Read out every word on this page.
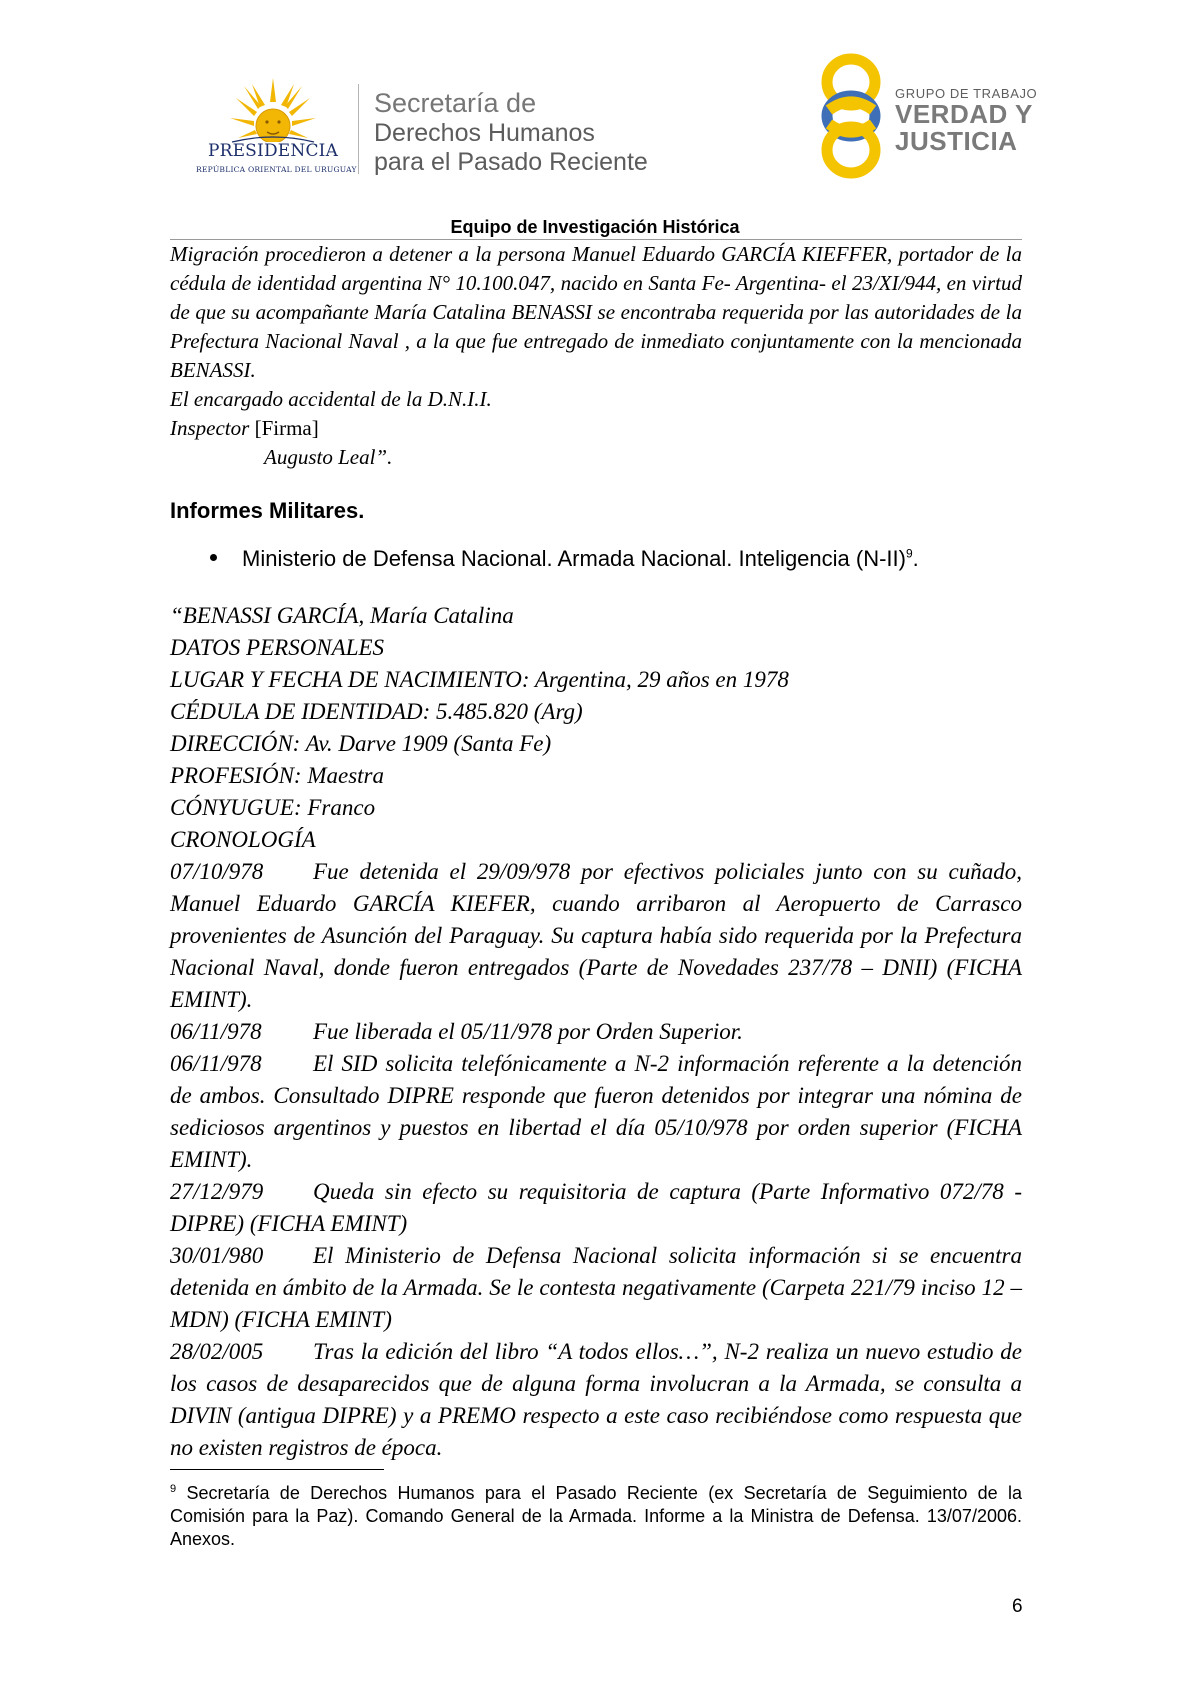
PRESIDENCIA
REPÚBLICA ORIENTAL DEL URUGUAY
Secretaría de
Derechos Humanos
para el Pasado Reciente
GRUPO DE TRABAJO
VERDAD Y
JUSTICIA
Equipo de Investigación Histórica
Migración procedieron a detener a la persona Manuel Eduardo GARCÍA KIEFFER, portador de la cédula de identidad argentina N° 10.100.047, nacido en Santa Fe- Argentina- el 23/XI/944, en virtud de que su acompañante María Catalina BENASSI se encontraba requerida por las autoridades de la Prefectura Nacional Naval , a la que fue entregado de inmediato conjuntamente con la mencionada BENASSI.
El encargado accidental de la D.N.I.I.
Inspector [Firma]
Augusto Leal”.
Informes Militares.
Ministerio de Defensa Nacional. Armada Nacional. Inteligencia $(N-II)^9$.
“BENASSI GARCÍA, María Catalina
DATOS PERSONALES
LUGAR Y FECHA DE NACIMIENTO: Argentina, 29 años en 1978
CÉDULA DE IDENTIDAD: 5.485.820 (Arg)
DIRECCIÓN: Av. Darve 1909 (Santa Fe)
PROFESIÓN: Maestra
CÓNYUGUE: Franco
CRONOLOGÍA
07/10/978 Fue detenida el 29/09/978 por efectivos policiales junto con su cuñado, Manuel Eduardo GARCÍA KIEFER, cuando arribaron al Aeropuerto de Carrasco provenientes de Asunción del Paraguay. Su captura había sido requerida por la Prefectura Nacional Naval, donde fueron entregados (Parte de Novedades 237/78 – DNII) (FICHA EMINT).
06/11/978 Fue liberada el 05/11/978 por Orden Superior.
06/11/978 El SID solicita telefónicamente a N-2 información referente a la detención de ambos. Consultado DIPRE responde que fueron detenidos por integrar una nómina de sediciosos argentinos y puestos en libertad el día 05/10/978 por orden superior (FICHA EMINT).
27/12/979 Queda sin efecto su requisitoria de captura (Parte Informativo 072/78 - DIPRE) (FICHA EMINT)
30/01/980 El Ministerio de Defensa Nacional solicita información si se encuentra detenida en ámbito de la Armada. Se le contesta negativamente (Carpeta 221/79 inciso 12 – MDN) (FICHA EMINT)
28/02/005 Tras la edición del libro “A todos ellos…”, N-2 realiza un nuevo estudio de los casos de desaparecidos que de alguna forma involucran a la Armada, se consulta a DIVIN (antigua DIPRE) y a PREMO respecto a este caso recibiéndose como respuesta que no existen registros de época.
$^9$ Secretaría de Derechos Humanos para el Pasado Reciente (ex Secretaría de Seguimiento de la Comisión para la Paz). Comando General de la Armada. Informe a la Ministra de Defensa. 13/07/2006. Anexos.
6
